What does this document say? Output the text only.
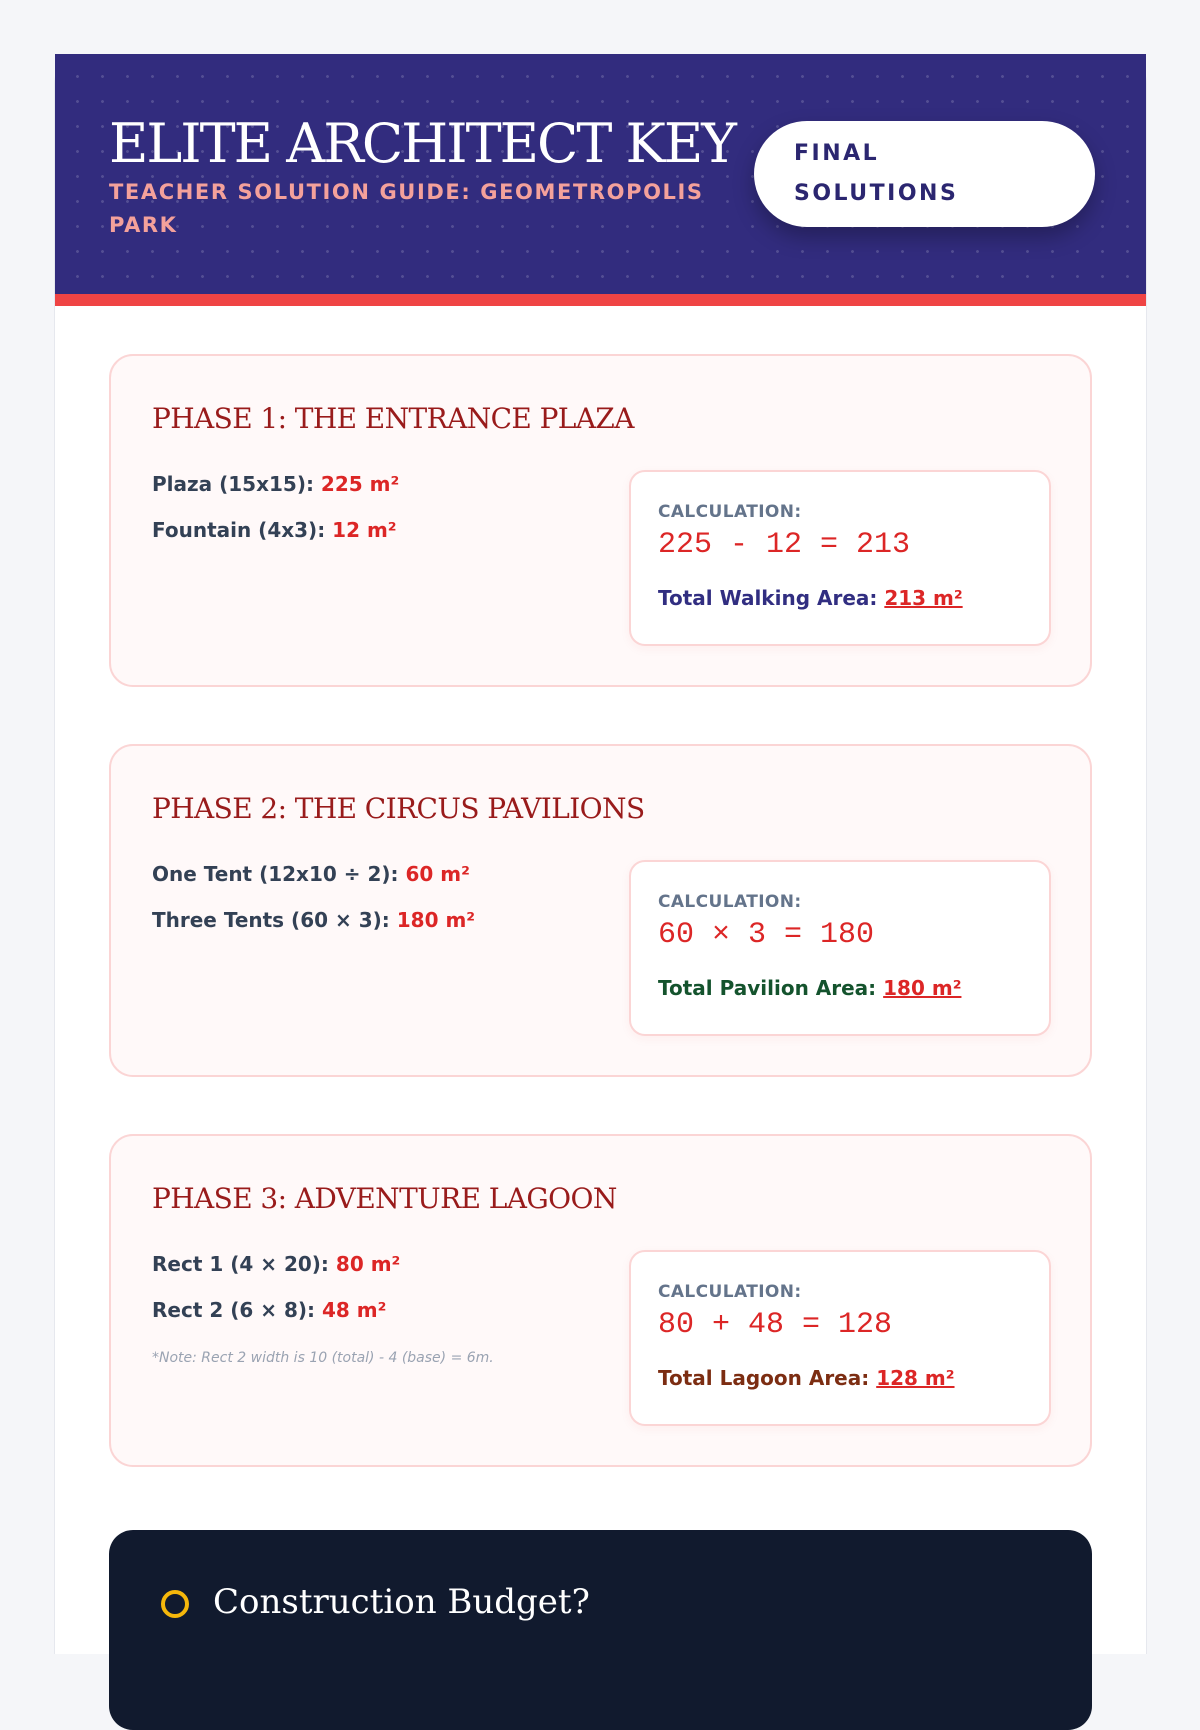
ELITE ARCHITECT KEY
TEACHER SOLUTION GUIDE: GEOMETROPOLIS PARK
FINAL
SOLUTIONS
PHASE 1: THE ENTRANCE PLAZA
Plaza (15x15): 225 m²
Fountain (4x3): 12 m²
CALCULATION:
225 - 12 = 213
Total Walking Area: 213 m²
PHASE 2: THE CIRCUS PAVILIONS
One Tent (12x10 ÷ 2): 60 m²
Three Tents (60 × 3): 180 m²
CALCULATION:
60 × 3 = 180
Total Pavilion Area: 180 m²
PHASE 3: ADVENTURE LAGOON
Rect 1 (4 × 20): 80 m²
Rect 2 (6 × 8): 48 m²
*Note: Rect 2 width is 10 (total) - 4 (base) = 6m.
CALCULATION:
80 + 48 = 128
Total Lagoon Area: 128 m²
Construction Budget?
